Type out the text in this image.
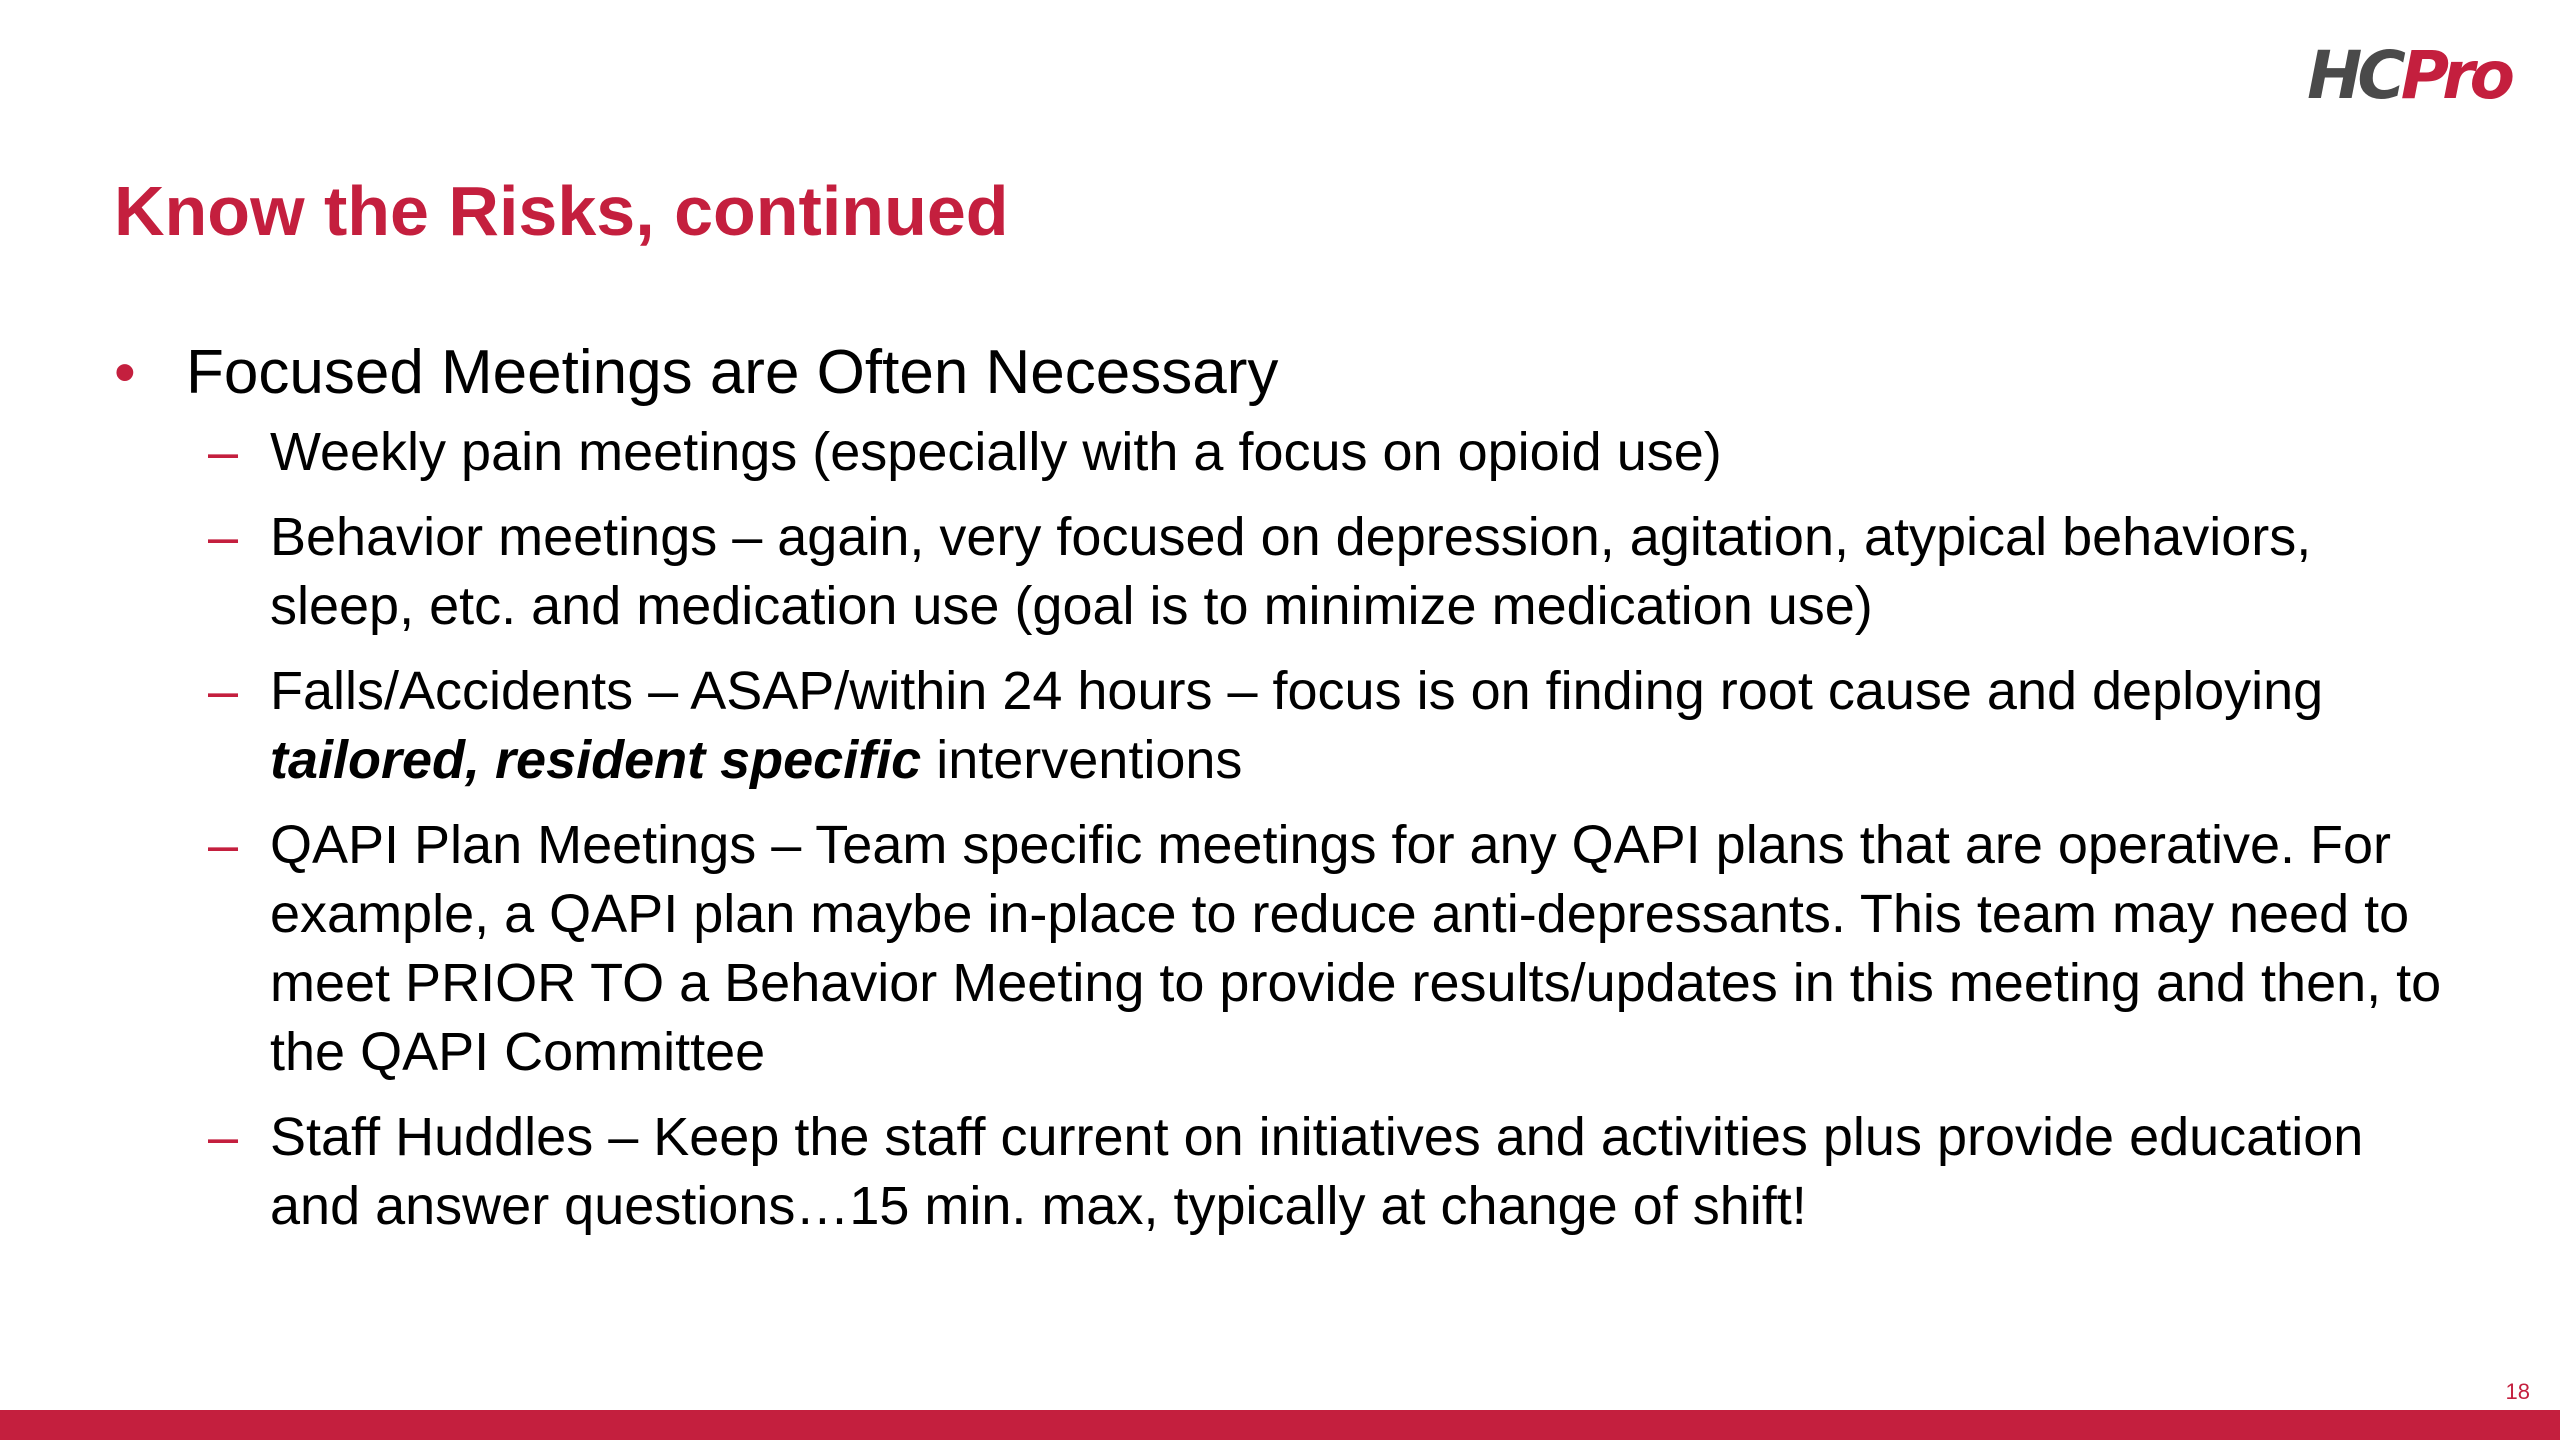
HCPro
Know the Risks, continued
• Focused Meetings are Often Necessary
– Weekly pain meetings (especially with a focus on opioid use)
– Behavior meetings – again, very focused on depression, agitation, atypical behaviors, sleep, etc. and medication use (goal is to minimize medication use)
– Falls/Accidents – ASAP/within 24 hours – focus is on finding root cause and deploying tailored, resident specific interventions
– QAPI Plan Meetings – Team specific meetings for any QAPI plans that are operative. For example, a QAPI plan maybe in-place to reduce anti-depressants. This team may need to meet PRIOR TO a Behavior Meeting to provide results/updates in this meeting and then, to the QAPI Committee
– Staff Huddles – Keep the staff current on initiatives and activities plus provide education and answer questions…15 min. max, typically at change of shift!
18
